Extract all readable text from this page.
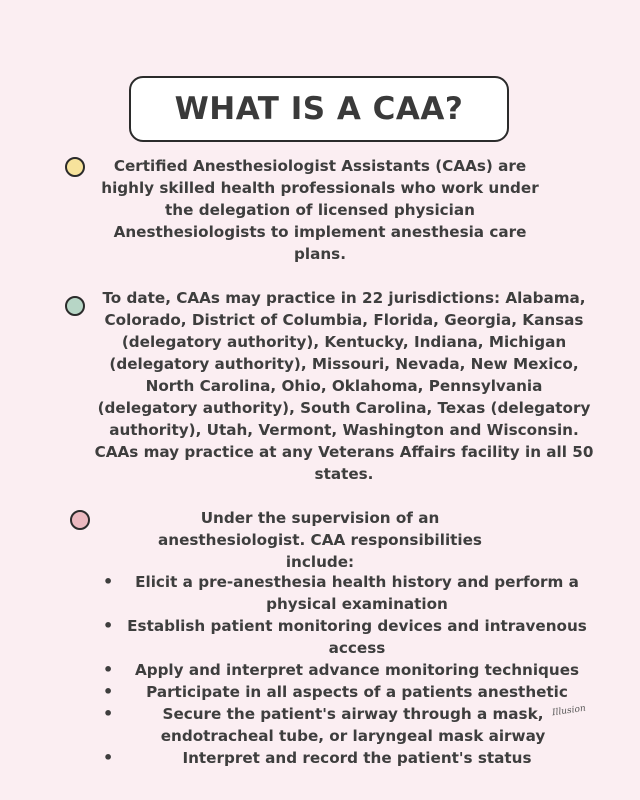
WHAT IS A CAA?

Certified Anesthesiologist Assistants (CAAs) are highly skilled health professionals who work under the delegation of licensed physician Anesthesiologists to implement anesthesia care plans.

To date, CAAs may practice in 22 jurisdictions: Alabama, Colorado, District of Columbia, Florida, Georgia, Kansas (delegatory authority), Kentucky, Indiana, Michigan (delegatory authority), Missouri, Nevada, New Mexico, North Carolina, Ohio, Oklahoma, Pennsylvania (delegatory authority), South Carolina, Texas (delegatory authority), Utah, Vermont, Washington and Wisconsin. CAAs may practice at any Veterans Affairs facility in all 50 states.

Under the supervision of an anesthesiologist. CAA responsibilities include:

• Elicit a pre-anesthesia health history and perform a physical examination
• Establish patient monitoring devices and intravenous access
• Apply and interpret advance monitoring techniques
• Participate in all aspects of a patients anesthetic
•	Secure the patient's airway through a mask, endotracheal tube, or laryngeal mask airway
•	Interpret and record the patient's status
Illusion
